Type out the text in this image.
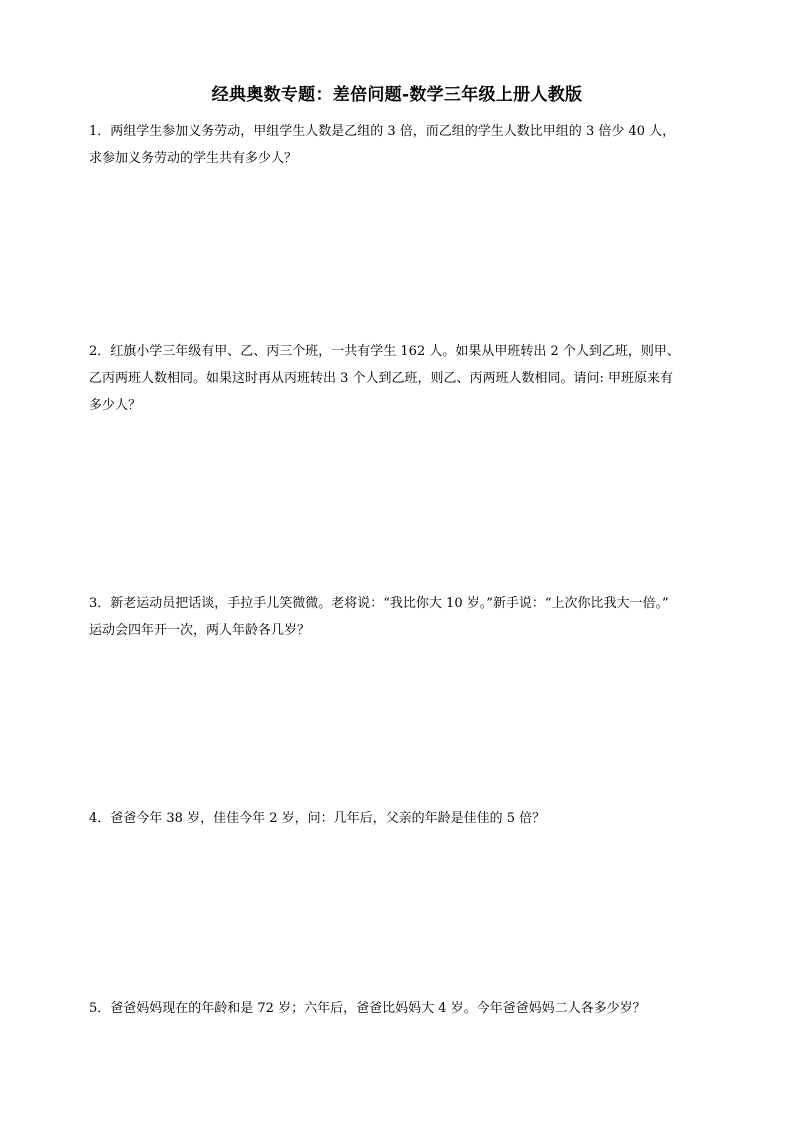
经典奥数专题：差倍问题-数学三年级上册人教版
1．两组学生参加义务劳动，甲组学生人数是乙组的 3 倍，而乙组的学生人数比甲组的 3 倍少 40 人，
求参加义务劳动的学生共有多少人？
2．红旗小学三年级有甲、乙、丙三个班，一共有学生 162 人。如果从甲班转出 2 个人到乙班，则甲、
乙丙两班人数相同。如果这时再从丙班转出 3 个人到乙班，则乙、丙两班人数相同。请问: 甲班原来有
多少人？
3．新老运动员把话谈，手拉手儿笑微微。老将说：“我比你大 10 岁。”新手说：“上次你比我大一倍。”
运动会四年开一次，两人年龄各几岁？
4．爸爸今年 38 岁，佳佳今年 2 岁，问：几年后，父亲的年龄是佳佳的 5 倍？
5．爸爸妈妈现在的年龄和是 72 岁；六年后，爸爸比妈妈大 4 岁。今年爸爸妈妈二人各多少岁？
